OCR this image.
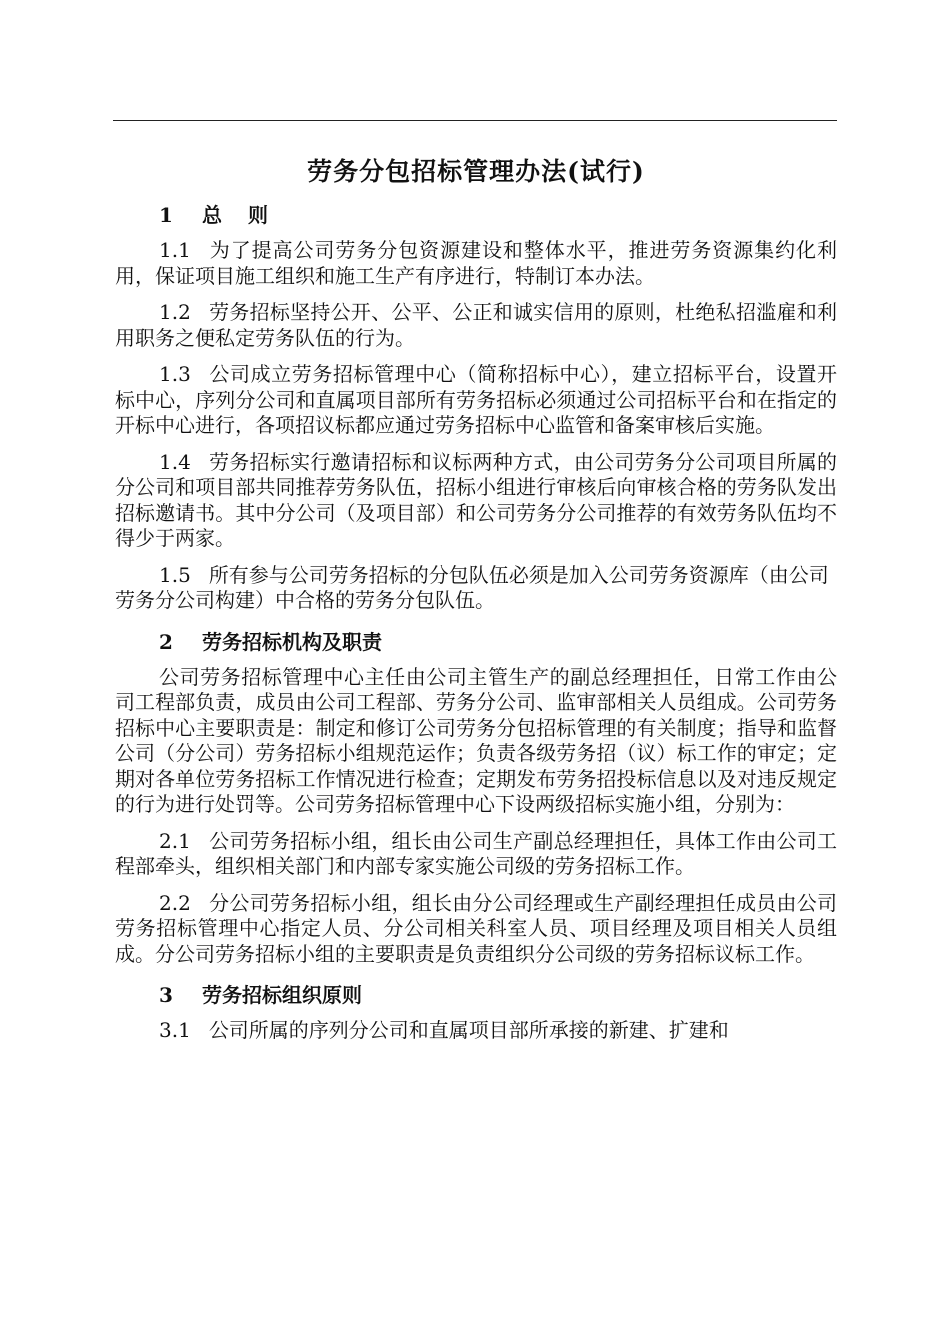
劳务分包招标管理办法(试行)
1 总则

1.1 为了提高公司劳务分包资源建设和整体水平，推进劳务资源集约化利用，保证项目施工组织和施工生产有序进行，特制订本办法。

1.2 劳务招标坚持公开、公平、公正和诚实信用的原则，杜绝私招滥雇和利用职务之便私定劳务队伍的行为。

1.3 公司成立劳务招标管理中心（简称招标中心），建立招标平台，设置开标中心，序列分公司和直属项目部所有劳务招标必须通过公司招标平台和在指定的开标中心进行，各项招议标都应通过劳务招标中心监管和备案审核后实施。

1.4 劳务招标实行邀请招标和议标两种方式，由公司劳务分公司项目所属的分公司和项目部共同推荐劳务队伍，招标小组进行审核后向审核合格的劳务队发出招标邀请书。其中分公司（及项目部）和公司劳务分公司推荐的有效劳务队伍均不得少于两家。

1.5 所有参与公司劳务招标的分包队伍必须是加入公司劳务资源库（由公司劳务分公司构建）中合格的劳务分包队伍。

2 劳务招标机构及职责

公司劳务招标管理中心主任由公司主管生产的副总经理担任，日常工作由公司工程部负责，成员由公司工程部、劳务分公司、监审部相关人员组成。公司劳务招标中心主要职责是：制定和修订公司劳务分包招标管理的有关制度；指导和监督公司（分公司）劳务招标小组规范运作；负责各级劳务招（议）标工作的审定；定期对各单位劳务招标工作情况进行检查；定期发布劳务招投标信息以及对违反规定的行为进行处罚等。公司劳务招标管理中心下设两级招标实施小组，分别为：

2.1 公司劳务招标小组，组长由公司生产副总经理担任，具体工作由公司工程部牵头，组织相关部门和内部专家实施公司级的劳务招标工作。

2.2 分公司劳务招标小组，组长由分公司经理或生产副经理担任成员由公司劳务招标管理中心指定人员、分公司相关科室人员、项目经理及项目相关人员组成。分公司劳务招标小组的主要职责是负责组织分公司级的劳务招标议标工作。

3 劳务招标组织原则

3.1 公司所属的序列分公司和直属项目部所承接的新建、扩建和
